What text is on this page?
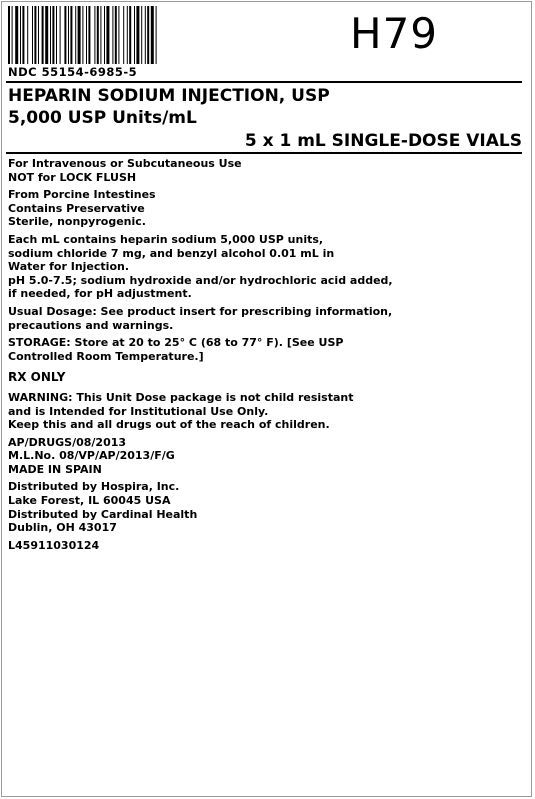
H79
NDC 55154-6985-5
HEPARIN SODIUM INJECTION, USP
5,000 USP Units/mL
5 x 1 mL SINGLE-DOSE VIALS
For Intravenous or Subcutaneous Use
NOT for LOCK FLUSH
From Porcine Intestines
Contains Preservative
Sterile, nonpyrogenic.
Each mL contains heparin sodium 5,000 USP units,
sodium chloride 7 mg, and benzyl alcohol 0.01 mL in
Water for Injection.
pH 5.0-7.5; sodium hydroxide and/or hydrochloric acid added,
if needed, for pH adjustment.
Usual Dosage: See product insert for prescribing information,
precautions and warnings.
STORAGE: Store at 20 to 25° C (68 to 77° F). [See USP
Controlled Room Temperature.]
RX ONLY
WARNING: This Unit Dose package is not child resistant
and is Intended for Institutional Use Only.
Keep this and all drugs out of the reach of children.
AP/DRUGS/08/2013
M.L.No. 08/VP/AP/2013/F/G
MADE IN SPAIN
Distributed by Hospira, Inc.
Lake Forest, IL 60045 USA
Distributed by Cardinal Health
Dublin, OH 43017
L45911030124
